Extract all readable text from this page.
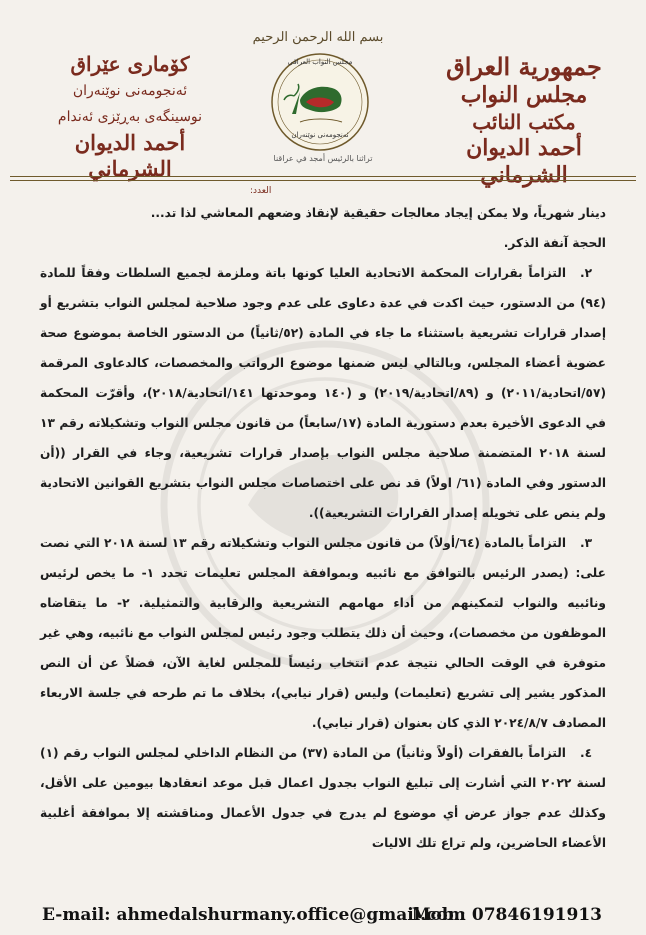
جمهورية العراق
مجلس النواب
مكتب النائب
أحمد الديوان الشرماني
بسم الله الرحمن الرحيم
مجلس النواب العراقي
ئەنجومەنی نوێنەران
تراثنا بالرئيس أمجد في عراقنا
كۆماری عێراق
ئەنجومەنی نوێنەران
نوسینگەی بەڕێزی ئەندام
أحمد الديوان الشرماني
العدد:

دينار شهرياً، ولا يمكن إيجاد معالجات حقيقية لإنقاذ وضعهم المعاشي لذا تد...

الحجة آنفة الذكر.

٢.التزاماً بقرارات المحكمة الاتحادية العليا كونها باتة وملزمة لجميع السلطات وفقاً للمادة (٩٤) من الدستور، حيث اكدت في عدة دعاوى على عدم وجود صلاحية لمجلس النواب بتشريع أو إصدار قرارات تشريعية باستثناء ما جاء في المادة (٥٢/ثانياً) من الدستور الخاصة بموضوع صحة عضوية أعضاء المجلس، وبالتالي ليس ضمنها موضوع الرواتب والمخصصات، كالدعاوى المرقمة (٥٧/اتحادية/٢٠١١) و (٨٩/اتحادية/٢٠١٩) و (١٤٠ وموحدتها ١٤١/اتحادية/٢٠١٨)، وأقرّت المحكمة في الدعوى الأخيرة بعدم دستورية المادة (١٧/سابعاً) من قانون مجلس النواب وتشكيلاته رقم ١٣ لسنة ٢٠١٨ المتضمنة صلاحية مجلس النواب بإصدار قرارات تشريعية، وجاء في القرار ((أن الدستور وفي المادة (٦١/ اولاً) قد نص على اختصاصات مجلس النواب بتشريع القوانين الاتحادية ولم ينص على تخويله إصدار القرارات التشريعية)).

٣.التزاماً بالمادة (٦٤/أولاً) من قانون مجلس النواب وتشكيلاته رقم ١٣ لسنة ٢٠١٨ التي نصت على: (يصدر الرئيس بالتوافق مع نائبيه وبموافقة المجلس تعليمات تحدد ١- ما يخص لرئيس ونائبيه والنواب لتمكينهم من أداء مهامهم التشريعية والرقابية والتمثيلية. ٢- ما يتقاضاه الموظفون من مخصصات)، وحيث أن ذلك يتطلب وجود رئيس لمجلس النواب مع نائبيه، وهي غير متوفرة في الوقت الحالي نتيجة عدم انتخاب رئيساً للمجلس لغاية الآن، فضلاً عن أن النص المذكور يشير إلى تشريع (تعليمات) وليس (قرار نيابي)، بخلاف ما تم طرحه في جلسة الاربعاء المصادف ٢٠٢٤/٨/٧ الذي كان بعنوان (قرار نيابي).

٤.التزاماً بالفقرات (أولاً وثانياً) من المادة (٣٧) من النظام الداخلي لمجلس النواب رقم (١) لسنة ٢٠٢٢ التي أشارت إلى تبليغ النواب بجدول اعمال قبل موعد انعقادها بيومين على الأقل، وكذلك عدم جواز عرض أي موضوع لم يدرج في جدول الأعمال ومناقشته إلا بموافقة أغلبية الأعضاء الحاضرين، ولم تراع تلك الاليات

E-mail: ahmedalshurmany.office@gmail.com
Mob.: 07846191913
